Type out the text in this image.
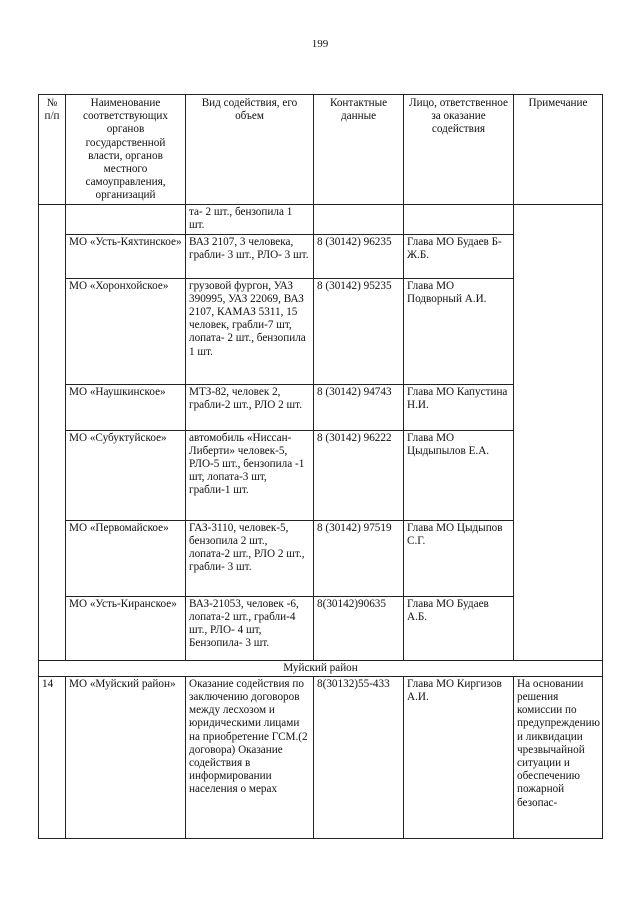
199
№ п/п	Наименование соответствующих органов государственной власти, органов местного самоуправления, организаций	Вид содействия, его объем	Контактные данные	Лицо, ответственное за оказание содействия	Примечание
		та- 2 шт., бензопила 1 шт.			
	МО «Усть-Кяхтинское»	ВАЗ 2107, 3 человека, грабли- 3 шт., РЛО- 3 шт.	8 (30142) 96235	Глава МО Будаев Б-Ж.Б.	
	МО «Хоронхойское»	грузовой фургон, УАЗ 390995, УАЗ 22069, ВАЗ 2107, КАМАЗ 5311, 15 человек, грабли-7 шт, лопата- 2 шт., бензопила 1 шт.	8 (30142) 95235	Глава МО Подворный А.И.	
	МО «Наушкинское»	МТЗ-82, человек 2, грабли-2 шт., РЛО 2 шт.	8 (30142) 94743	Глава МО Капустина Н.И.	
	МО «Субуктуйское»	автомобиль «Ниссан-Либерти» человек-5, РЛО-5 шт., бензопила -1 шт, лопата-3 шт, грабли-1 шт.	8 (30142) 96222	Глава МО Цыдыпылов Е.А.	
	МО «Первомайское»	ГАЗ-3110, человек-5, бензопила 2 шт., лопата-2 шт., РЛО 2 шт., грабли- 3 шт.	8 (30142) 97519	Глава МО Цыдыпов С.Г.	
	МО «Усть-Киранское»	ВАЗ-21053, человек -6, лопата-2 шт., грабли-4 шт., РЛО- 4 шт, Бензопила- 3 шт.	8(30142)90635	Глава МО Будаев А.Б.	
Муйский район					
14	МО «Муйский район»	Оказание содействия по заключению договоров между лесхозом и юридическими лицами на приобретение ГСМ.(2 договора) Оказание содействия в информировании населения о мерах	8(30132)55-433	Глава МО Киргизов А.И.	На основании решения комиссии по предупреждению и ликвидации чрезвычайной ситуации и обеспечению пожарной безопас-
